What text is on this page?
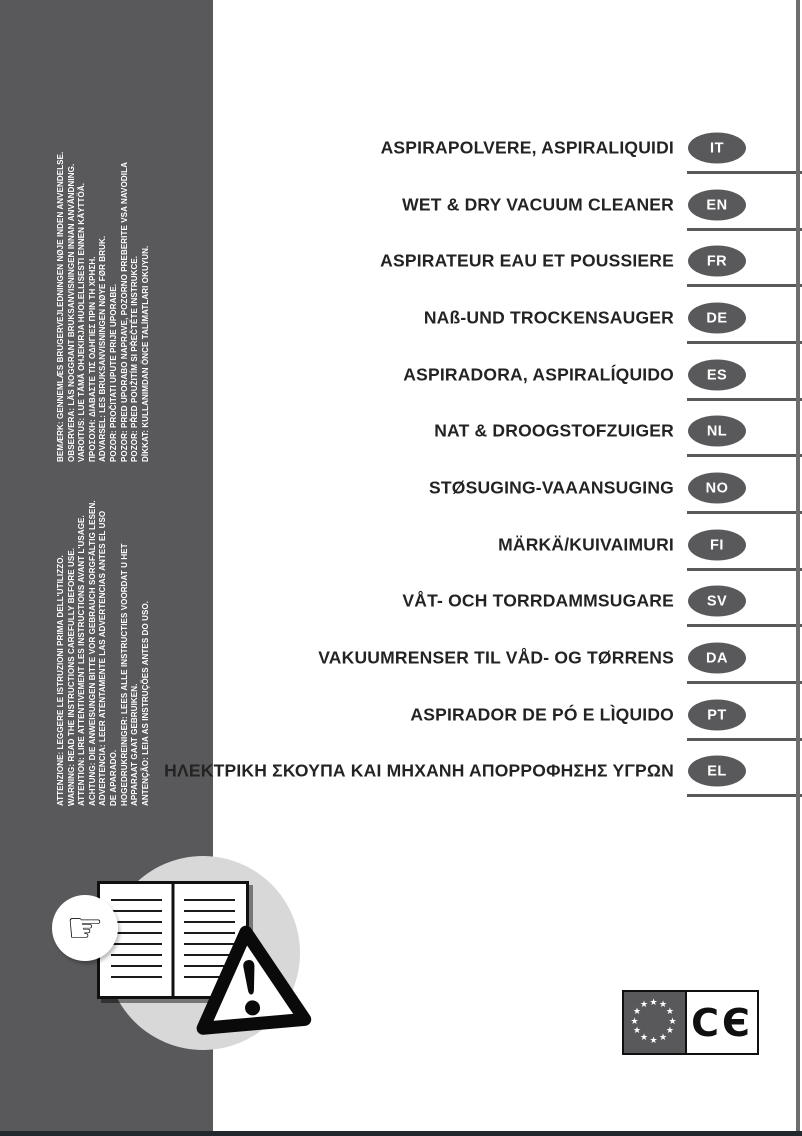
BEMÆRK: GENNEMLÆS BRUGERVEJLEDNINGEN NØJE INDEN ANVENDELSE. OBSERVERA: LÄS NOGGRANT BRUKSANVISNINGEN INNAN ANVÄNDNING. VAROITUS: LUE TÄMÄ OHJEKIRJA HUOLELLISESTI ENNEN KÄYTTÖÄ. ΠΡΟΣΟΧΗ: ΔΙΑΒΑΣΤΕ ΤΙΣ ΟΔΗΓΙΕΣ ΠΡΙΝ ΤΗ ΧΡΗΣΗ. ADVARSEL: LES BRUKSANVISNINGEN NØYE FØR BRUK. POZOR: PROČITATI UPUTE PRIJE UPORABE. POZOR: PRED UPORABO NAPRAVE, POZORNO PREBERITE VSA NAVODILA POZOR: PŘED POUŽITÍM SI PŘEČTĚTE INSTRUKCE. DİKKAT: KULLANIMDAN ÖNCE TALİMATLARI OKUYUN.
ATTENZIONE: LEGGERE LE ISTRUZIONI PRIMA DELL'UTILIZZO. WARNING: READ THE INSTRUCTIONS CAREFULLY BEFORE USE. ATTENTION: LIRE ATTENTIVEMENT LES INSTRUCTIONS AVANT L'USAGE. ACHTUNG: DIE ANWEISUNGEN BITTE VOR GEBRAUCH SORGFÄLTIG LESEN. ADVERTENCIA: LEER ATENTAMENTE LAS ADVERTENCIAS ANTES EL USO DE APARADO. HOGEDRUKREINIGER: LEES ALLE INSTRUCTIES VOORDAT U HET APPARAAT GAAT GEBRUIKEN. ANTENÇÃO: LEIA AS INSTRUÇÕES ANTES DO USO.
ASPIRAPOLVERE, ASPIRALIQUIDI	IT
WET & DRY VACUUM CLEANER	EN
ASPIRATEUR EAU ET POUSSIERE	FR
NAß-UND TROCKENSAUGER	DE
ASPIRADORA, ASPIRALÍQUIDO	ES
NAT & DROOGSTOFZUIGER	NL
STØSUGING-VAAANSUGING	NO
MÄRKÄ/KUIVAIMURI	FI
VÅT- OCH TORRDAMMSUGARE	SV
VAKUUMRENSER TIL VÅD- OG TØRRENS	DA
ASPIRADOR DE PÓ E LÌQUIDO	PT
ΗΛΕΚΤΡΙΚΗ ΣΚΟΥΠΑ ΚΑΙ ΜΗΧΑΝΗ ΑΠΟΡΡΟΦΗΣΗΣ ΥΓΡΩΝ	EL
☞
★ ★
★
★
★
★
★
★
★
★
★
★ CЄ
